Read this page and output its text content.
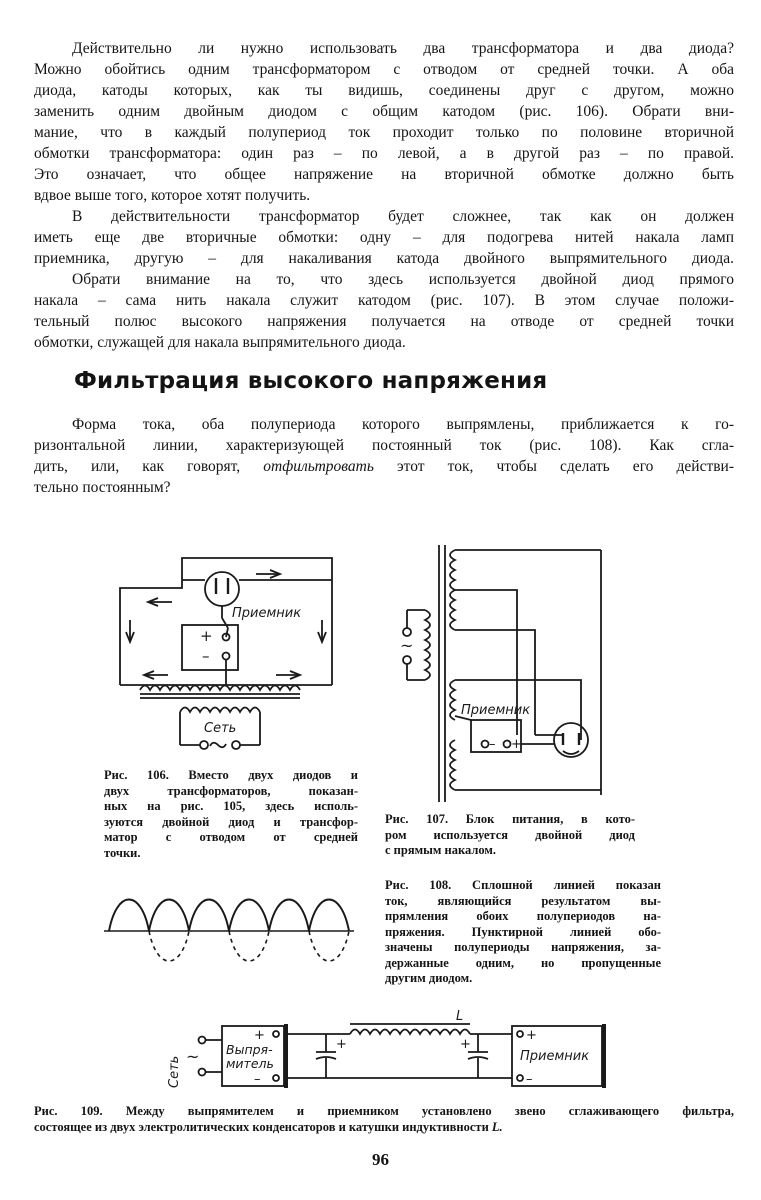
Действительно ли нужно использовать два трансформатора и два диода?
Можно обойтись одним трансформатором с отводом от средней точки. А оба
диода, катоды которых, как ты видишь, соединены друг с другом, можно
заменить одним двойным диодом с общим катодом (рис. 106). Обрати вни-
мание, что в каждый полупериод ток проходит только по половине вторичной
обмотки трансформатора: один раз – по левой, а в другой раз – по правой.
Это означает, что общее напряжение на вторичной обмотке должно быть
вдвое выше того, которое хотят получить.

В действительности трансформатор будет сложнее, так как он должен
иметь еще две вторичные обмотки: одну – для подогрева нитей накала ламп
приемника, другую – для накаливания катода двойного выпрямительного диода.

Обрати внимание на то, что здесь используется двойной диод прямого
накала – сама нить накала служит катодом (рис. 107). В этом случае положи-
тельный полюс высокого напряжения получается на отводе от средней точки
обмотки, служащей для накала выпрямительного диода.

Фильтрация высокого напряжения

Форма тока, оба полупериода которого выпрямлены, приближается к го-
ризонтальной линии, характеризующей постоянный ток (рис. 108). Как сгла-
дить, или, как говорят, отфильтровать этот ток, чтобы сделать его действи-
тельно постоянным?

Приемник
Сеть
+
–
Рис. 106. Вместо двух диодов и
двух трансформаторов, показан-
ных на рис. 105, здесь исполь-
зуются двойной диод и трансфор-
матор с отводом от средней
точки.
~
Приемник
– +
Рис. 107. Блок питания, в кото-
ром используется двойной диод
с прямым накалом.
Рис. 108. Сплошной линией показан
ток, являющийся результатом вы-
прямления обоих полупериодов на-
пряжения. Пунктирной линией обо-
значены полупериоды напряжения, за-
держанные одним, но пропущенные
другим диодом.
~
Сеть
+
Выпря-
митель
–
L
+	+
+
Приемник
–
Рис. 109. Между выпрямителем и приемником установлено звено сглаживающего фильтра,
состоящее из двух электролитических конденсаторов и катушки индуктивности L.
96
